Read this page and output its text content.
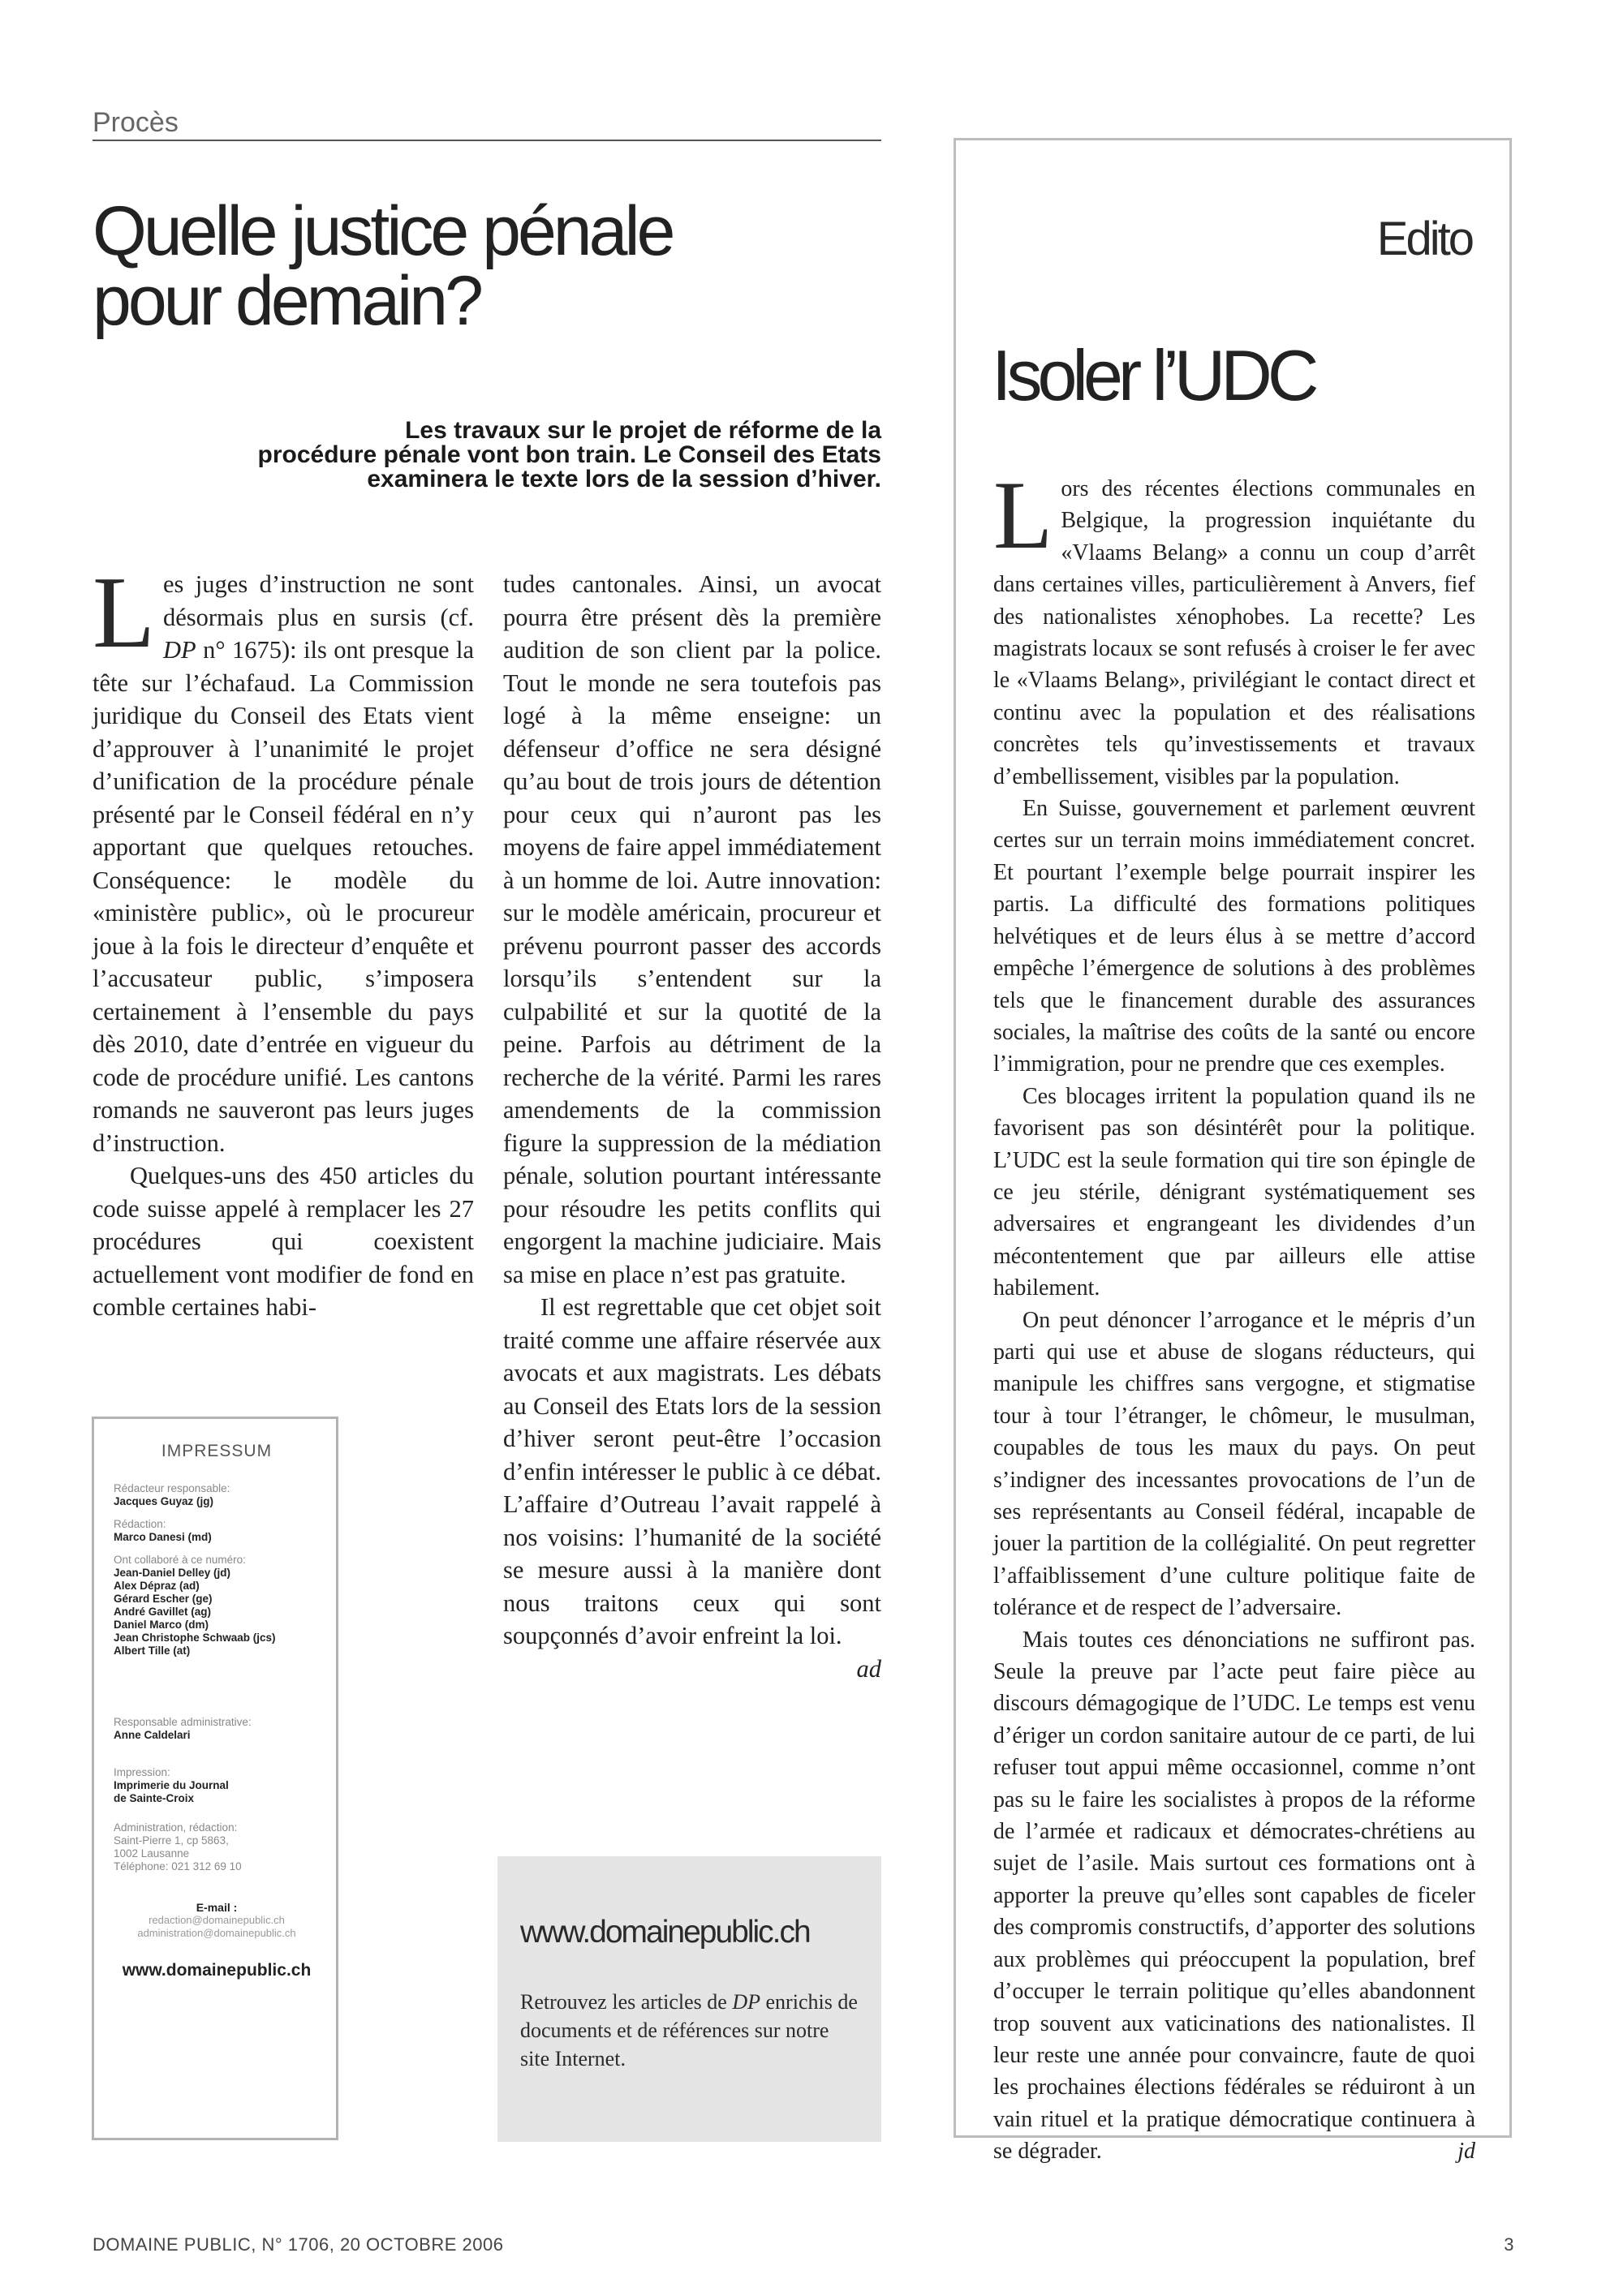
Procès
Quelle justice pénale
pour demain?
Les travaux sur le projet de réforme de la
procédure pénale vont bon train. Le Conseil des Etats
examinera le texte lors de la session d’hiver.

Les juges d’instruction ne sont désormais plus en sursis (cf. DP n° 1675): ils ont presque la tête sur l’échafaud. La Commission juridique du Conseil des Etats vient d’approuver à l’unanimité le projet d’unification de la procédure pénale présenté par le Conseil fédéral en n’y apportant que quelques retouches. Conséquence: le modèle du «ministère public», où le procureur joue à la fois le directeur d’enquête et l’accusateur public, s’imposera certainement à l’ensemble du pays dès 2010, date d’entrée en vigueur du code de procédure unifié. Les cantons romands ne sauveront pas leurs juges d’instruction.

Quelques-uns des 450 articles du code suisse appelé à remplacer les 27 procédures qui coexistent actuellement vont modifier de fond en comble certaines habi-

tudes cantonales. Ainsi, un avocat pourra être présent dès la première audition de son client par la police. Tout le monde ne sera toutefois pas logé à la même enseigne: un défenseur d’office ne sera désigné qu’au bout de trois jours de détention pour ceux qui n’auront pas les moyens de faire appel immédiatement à un homme de loi. Autre innovation: sur le modèle américain, procureur et prévenu pourront passer des accords lorsqu’ils s’entendent sur la culpabilité et sur la quotité de la peine. Parfois au détriment de la recherche de la vérité. Parmi les rares amendements de la commission figure la suppression de la médiation pénale, solution pourtant intéressante pour résoudre les petits conflits qui engorgent la machine judiciaire. Mais sa mise en place n’est pas gratuite.

Il est regrettable que cet objet soit traité comme une affaire réservée aux avocats et aux magistrats. Les débats au Conseil des Etats lors de la session d’hiver seront peut-être l’occasion d’enfin intéresser le public à ce débat. L’affaire d’Outreau l’avait rappelé à nos voisins: l’humanité de la société se mesure aussi à la manière dont nous traitons ceux qui sont soupçonnés d’avoir enfreint la loi.
ad

IMPRESSUM
Rédacteur responsable:
Jacques Guyaz (jg)
Rédaction:
Marco Danesi (md)
Ont collaboré à ce numéro:
Jean-Daniel Delley (jd)
Alex Dépraz (ad)
Gérard Escher (ge)
André Gavillet (ag)
Daniel Marco (dm)
Jean Christophe Schwaab (jcs)
Albert Tille (at)
Responsable administrative:
Anne Caldelari
Impression:
Imprimerie du Journal
de Sainte-Croix
Administration, rédaction:
Saint-Pierre 1, cp 5863,
1002 Lausanne
Téléphone: 021 312 69 10
E-mail :
redaction@domainepublic.ch
administration@domainepublic.ch
www.domainepublic.ch
www.domainepublic.ch
Retrouvez les articles de DP enrichis de documents et de références sur notre site Internet.
Edito
Isoler l’UDC

Lors des récentes élections communales en Belgique, la progression inquiétante du «Vlaams Belang» a connu un coup d’arrêt dans certaines villes, particulièrement à Anvers, fief des nationalistes xénophobes. La recette? Les magistrats locaux se sont refusés à croiser le fer avec le «Vlaams Belang», privilégiant le contact direct et continu avec la population et des réalisations concrètes tels qu’investissements et travaux d’embellissement, visibles par la population.

En Suisse, gouvernement et parlement œuvrent certes sur un terrain moins immédiatement concret. Et pourtant l’exemple belge pourrait inspirer les partis. La difficulté des formations politiques helvétiques et de leurs élus à se mettre d’accord empêche l’émergence de solutions à des problèmes tels que le financement durable des assurances sociales, la maîtrise des coûts de la santé ou encore l’immigration, pour ne prendre que ces exemples.

Ces blocages irritent la population quand ils ne favorisent pas son désintérêt pour la politique. L’UDC est la seule formation qui tire son épingle de ce jeu stérile, dénigrant systématiquement ses adversaires et engrangeant les dividendes d’un mécontentement que par ailleurs elle attise habilement.

On peut dénoncer l’arrogance et le mépris d’un parti qui use et abuse de slogans réducteurs, qui manipule les chiffres sans vergogne, et stigmatise tour à tour l’étranger, le chômeur, le musulman, coupables de tous les maux du pays. On peut s’indigner des incessantes provocations de l’un de ses représentants au Conseil fédéral, incapable de jouer la partition de la collégialité. On peut regretter l’affaiblissement d’une culture politique faite de tolérance et de respect de l’adversaire.

Mais toutes ces dénonciations ne suffiront pas. Seule la preuve par l’acte peut faire pièce au discours démagogique de l’UDC. Le temps est venu d’ériger un cordon sanitaire autour de ce parti, de lui refuser tout appui même occasionnel, comme n’ont pas su le faire les socialistes à propos de la réforme de l’armée et radicaux et démocrates-chrétiens au sujet de l’asile. Mais surtout ces formations ont à apporter la preuve qu’elles sont capables de ficeler des compromis constructifs, d’apporter des solutions aux problèmes qui préoccupent la population, bref d’occuper le terrain politique qu’elles abandonnent trop souvent aux vaticinations des nationalistes. Il leur reste une année pour convaincre, faute de quoi les prochaines élections fédérales se réduiront à un vain rituel et la pratique démocratique continuera à se dégrader.	jd

DOMAINE PUBLIC, N° 1706, 20 OCTOBRE 2006	3
